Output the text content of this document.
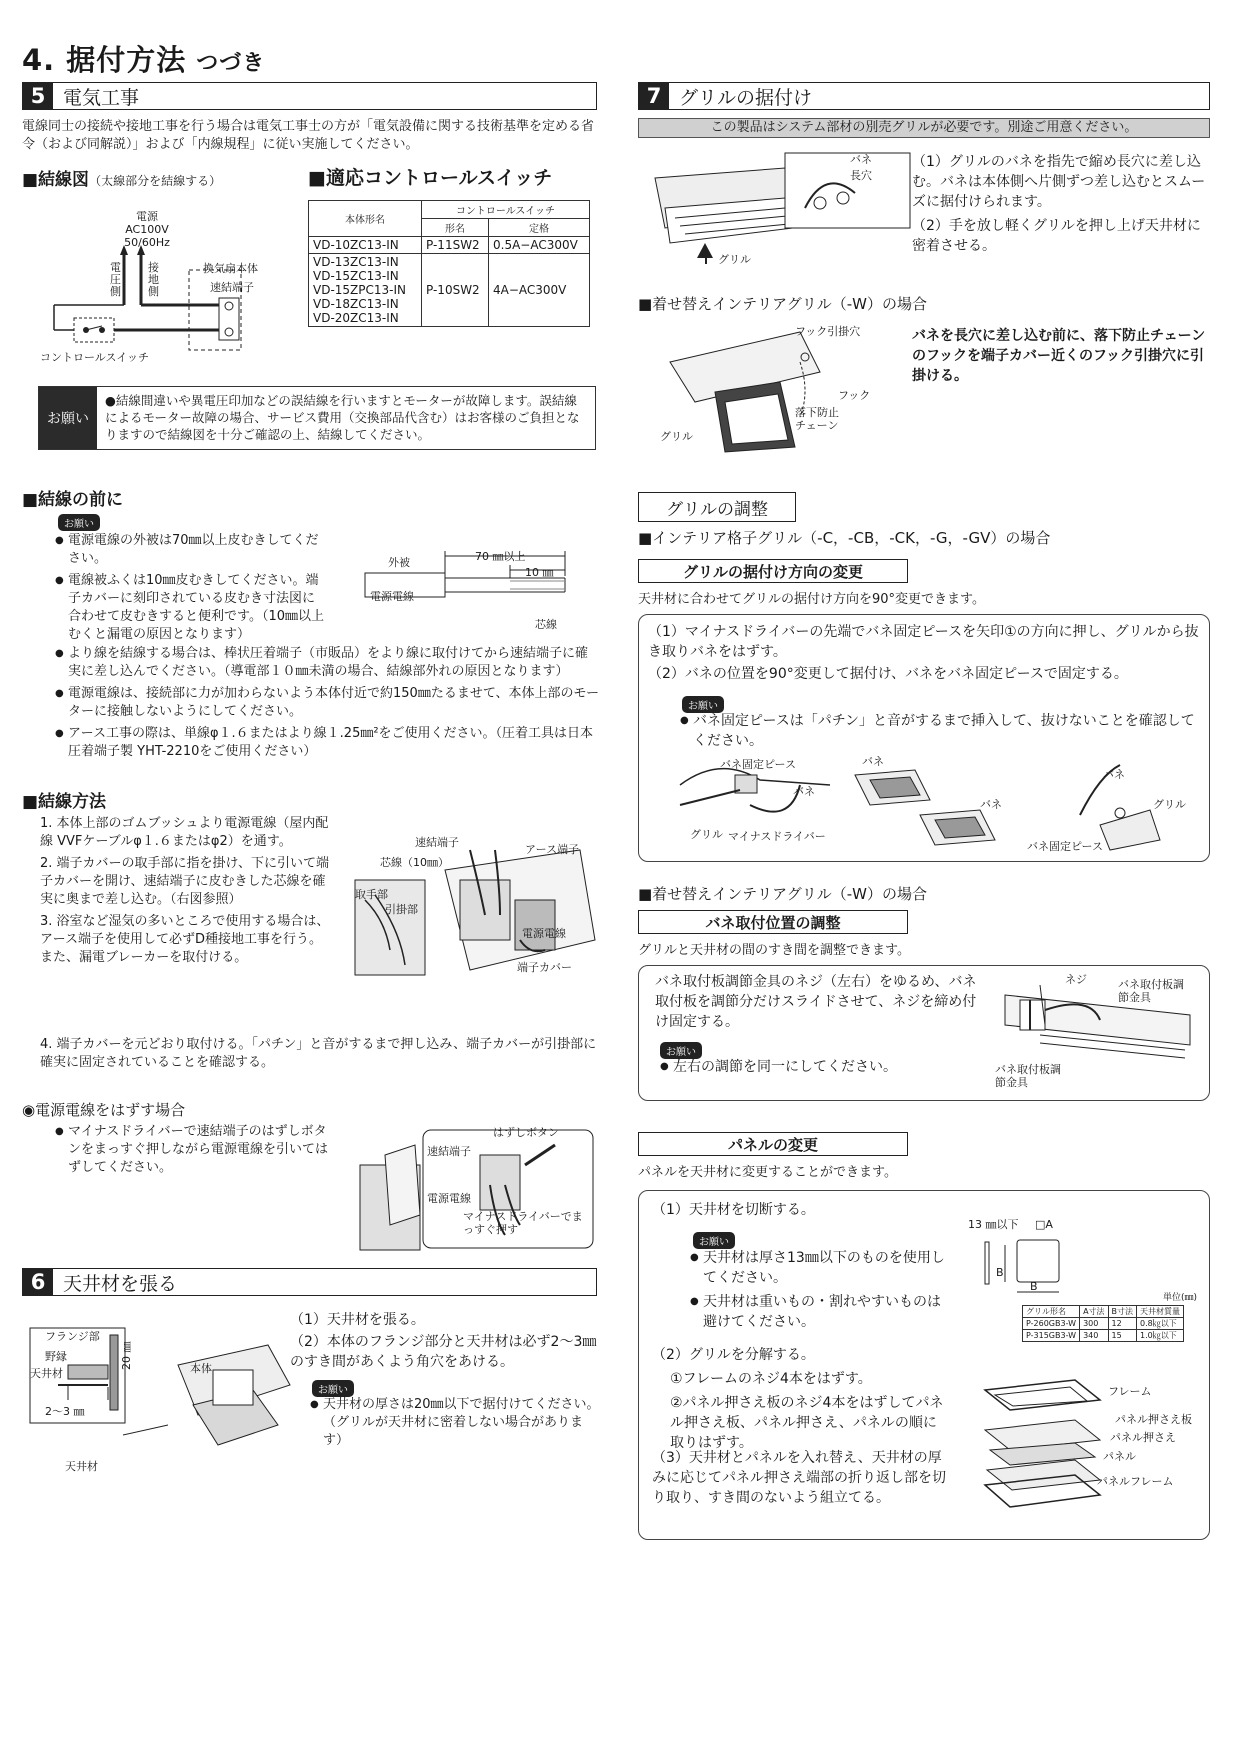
4. 据付方法 つづき
5 電気工事
電線同士の接続や接地工事を行う場合は電気工事士の方が「電気設備に関する技術基準を定める省令（および同解説）」および「内線規程」に従い実施してください。
■結線図（太線部分を結線する）	■適応コントロールスイッチ
電源
AC100V
50/60Hz
電圧側
接地側
換気扇本体
速結端子
コントロールスイッチ
本体形名	コントロールスイッチ	
	形名	定格
VD-10ZC13-IN	P-11SW2	0.5A−AC300V

VD-13ZC13-IN
VD-15ZC13-IN
VD-15ZPC13-IN
VD-18ZC13-IN
VD-20ZC13-IN	P-10SW2	4A−AC300V
お願い
●結線間違いや異電圧印加などの誤結線を行いますとモーターが故障します。誤結線によるモーター故障の場合、サービス費用（交換部品代含む）はお客様のご負担となりますので結線図を十分ご確認の上、結線してください。
■結線の前に
お願い
● 電源電線の外被は70㎜以上皮むきしてください。
● 電線被ふくは10㎜皮むきしてください。端子カバーに刻印されている皮むき寸法図に合わせて皮むきすると便利です。（10㎜以上むくと漏電の原因となります）
● より線を結線する場合は、棒状圧着端子（市販品）をより線に取付けてから速結端子に確実に差し込んでください。（導電部１０㎜未満の場合、結線部外れの原因となります）
● 電源電線は、接続部に力が加わらないよう本体付近で約150㎜たるませて、本体上部のモーターに接触しないようにしてください。
● アース工事の際は、単線φ１.６またはより線１.25㎜²をご使用ください。（圧着工具は日本圧着端子製 YHT-2210をご使用ください）
外被	70 ㎜以上
10 ㎜
電源電線
芯線
■結線方法
1. 本体上部のゴムブッシュより電源電線（屋内配線 VVFケーブルφ１.６またはφ2）を通す。
2. 端子カバーの取手部に指を掛け、下に引いて端子カバーを開け、速結端子に皮むきした芯線を確実に奥まで差し込む。（右図参照）
3. 浴室など湿気の多いところで使用する場合は、アース端子を使用して必ずD種接地工事を行う。また、漏電ブレーカーを取付ける。
4. 端子カバーを元どおり取付ける。「パチン」と音がするまで押し込み、端子カバーが引掛部に確実に固定されていることを確認する。
速結端子
芯線（10㎜）
アース端子
取手部
引掛部
電源電線
端子カバー
◉電源電線をはずす場合
● マイナスドライバーで速結端子のはずしボタンをまっすぐ押しながら電源電線を引いてはずしてください。
はずしボタン
速結端子
電源電線
マイナスドライバーでまっすぐ押す
6 天井材を張る
（1）天井材を張る。
（2）本体のフランジ部分と天井材は必ず2～3㎜のすき間があくよう角穴をあける。
お願い
● 天井材の厚さは20㎜以下で据付けてください。（グリルが天井材に密着しない場合があります）
フランジ部
野縁
天井材
2～3 ㎜
20 ㎜	本体
天井材
7 グリルの据付け
この製品はシステム部材の別売グリルが必要です。別途ご用意ください。
バネ
長穴
グリル
（1）グリルのバネを指先で縮め長穴に差し込む。バネは本体側へ片側ずつ差し込むとスムーズに据付けられます。
（2）手を放し軽くグリルを押し上げ天井材に密着させる。
■着せ替えインテリアグリル（-W）の場合
フック引掛穴
フック
落下防止チェーン
グリル
バネを長穴に差し込む前に、落下防止チェーンのフックを端子カバー近くのフック引掛穴に引掛ける。
グリルの調整
■インテリア格子グリル（-C，-CB，-CK，-G，-GV）の場合
グリルの据付け方向の変更
天井材に合わせてグリルの据付け方向を90°変更できます。
（1）マイナスドライバーの先端でバネ固定ピースを矢印①の方向に押し、グリルから抜き取りバネをはずす。
（2）バネの位置を90°変更して据付け、バネをバネ固定ピースで固定する。
お願い
● バネ固定ピースは「パチン」と音がするまで挿入して、抜けないことを確認してください。
バネ固定ピース
バネ
グリル マイナスドライバー
バネ
バネ
バネ
グリル
バネ固定ピース
■着せ替えインテリアグリル（-W）の場合
バネ取付位置の調整
グリルと天井材の間のすき間を調整できます。
バネ取付板調節金具のネジ（左右）をゆるめ、バネ取付板を調節分だけスライドさせて、ネジを締め付け固定する。
お願い
● 左右の調節を同一にしてください。
ネジ	バネ取付板調節金具
バネ取付板調節金具
パネルの変更
パネルを天井材に変更することができます。
（1）天井材を切断する。
お願い
● 天井材は厚さ13㎜以下のものを使用してください。
● 天井材は重いもの・割れやすいものは避けてください。
（2）グリルを分解する。
①フレームのネジ4本をはずす。
②パネル押さえ板のネジ4本をはずしてパネル押さえ板、パネル押さえ、パネルの順に取りはずす。
（3）天井材とパネルを入れ替え、天井材の厚みに応じてパネル押さえ端部の折り返し部を切り取り、すき間のないよう組立てる。
13 ㎜以下 □A
B
B
単位(㎜)
グリル形名	A寸法	B寸法	天井材質量
P-260GB3-W	300	12	0.8㎏以下
P-315GB3-W	340	15	1.0㎏以下
フレーム
パネル押さえ板
パネル押さえ
パネル
パネルフレーム
